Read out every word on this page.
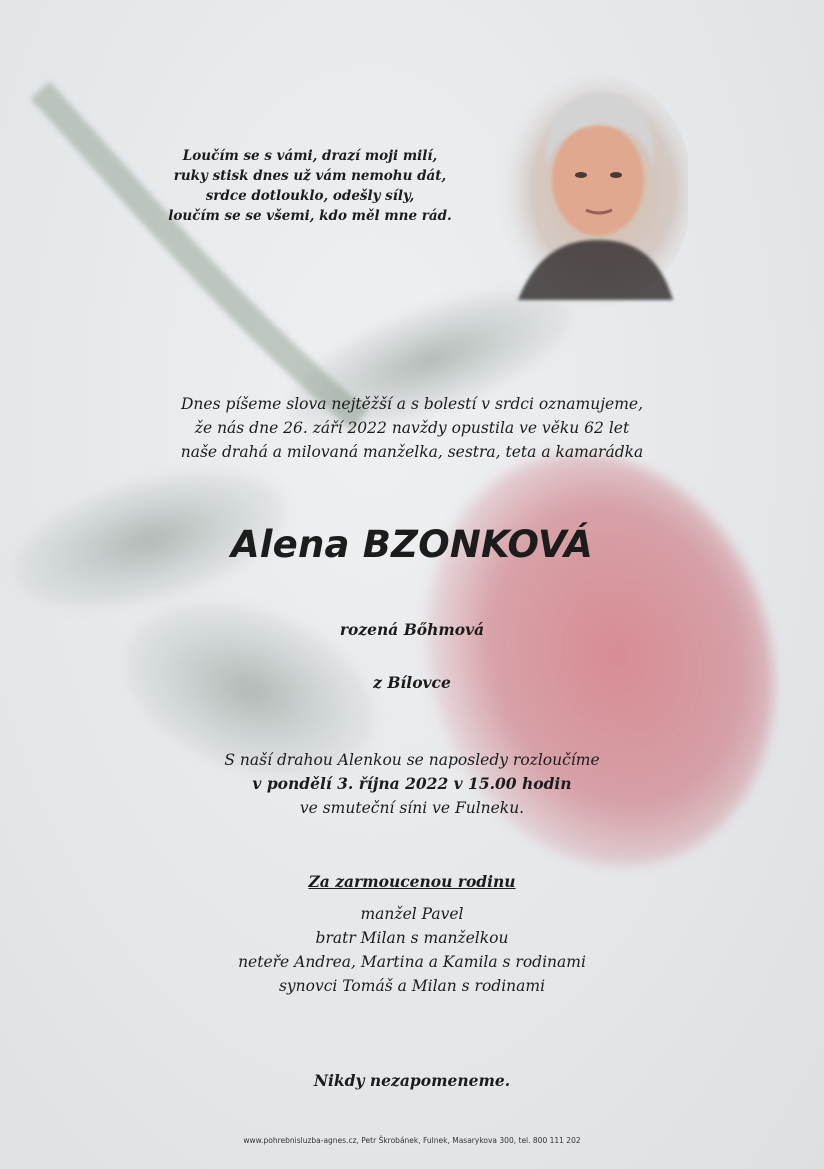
Loučím se s vámi, drazí moji milí,
ruky stisk dnes už vám nemohu dát,
srdce dotlouklo, odešly síly,
loučím se se všemi, kdo měl mne rád.
Dnes píšeme slova nejtěžší a s bolestí v srdci oznamujeme,
že nás dne 26. září 2022 navždy opustila ve věku 62 let
naše drahá a milovaná manželka, sestra, teta a kamarádka
Alena BZONKOVÁ
rozená Bőhmová
z Bílovce
S naší drahou Alenkou se naposledy rozloučíme
v pondělí 3. října 2022 v 15.00 hodin
ve smuteční síni ve Fulneku.
Za zarmoucenou rodinu
manžel Pavel
bratr Milan s manželkou
neteře Andrea, Martina a Kamila s rodinami
synovci Tomáš a Milan s rodinami
Nikdy nezapomeneme.
www.pohrebnisluzba-agnes.cz, Petr Škrobánek, Fulnek, Masarykova 300, tel. 800 111 202
